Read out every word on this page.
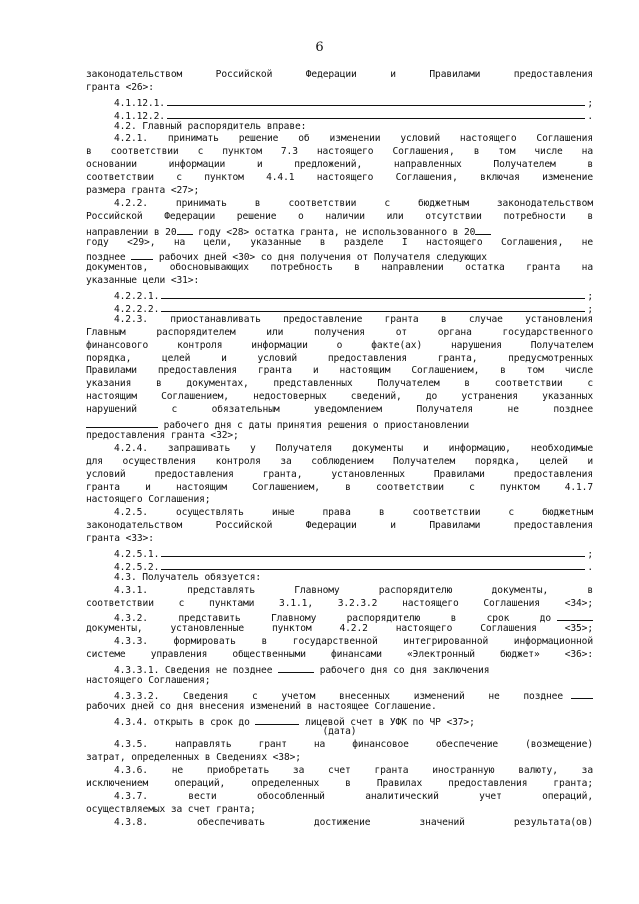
6
законодательством Российской Федерации и Правилами предоставления
гранта <26>:
4.1.12.1.	;
4.1.12.2.	.
4.2. Главный распорядитель вправе:
4.2.1. принимать решение об изменении условий настоящего Соглашения
в соответствии с пунктом 7.3 настоящего Соглашения, в том числе на
основании информации и предложений, направленных Получателем в
соответствии с пунктом 4.4.1 настоящего Соглашения, включая изменение
размера гранта <27>;
4.2.2. принимать в соответствии с бюджетным законодательством
Российской Федерации решение о наличии или отсутствии потребности в
направлении в 20 году <28> остатка гранта, не использованного в 20
году <29>, на цели, указанные в разделе I настоящего Соглашения, не
позднее	рабочих дней <30> со дня получения от Получателя следующих
документов, обосновывающих потребность в направлении остатка гранта на
указанные цели <31>:
4.2.2.1.	;
4.2.2.2.	;
4.2.3. приостанавливать предоставление гранта в случае установления
Главным распорядителем или получения от органа государственного
финансового контроля информации о факте(ах) нарушения Получателем
порядка, целей и условий предоставления гранта, предусмотренных
Правилами предоставления гранта и настоящим Соглашением, в том числе
указания в документах, представленных Получателем в соответствии с
настоящим Соглашением, недостоверных сведений, до устранения указанных
нарушений с обязательным уведомлением Получателя не позднее
рабочего дня с даты принятия решения о приостановлении
предоставления гранта <32>;
4.2.4. запрашивать у Получателя документы и информацию, необходимые
для осуществления контроля за соблюдением Получателем порядка, целей и
условий предоставления гранта, установленных Правилами предоставления
гранта и настоящим Соглашением, в соответствии с пунктом 4.1.7
настоящего Соглашения;
4.2.5. осуществлять иные права в соответствии с бюджетным
законодательством Российской Федерации и Правилами предоставления
гранта <33>:
4.2.5.1.	;
4.2.5.2.	.
4.3. Получатель обязуется:
4.3.1. представлять Главному распорядителю документы, в
соответствии с пунктами 3.1.1, 3.2.3.2 настоящего Соглашения <34>;
4.3.2. представить Главному распорядителю в срок до
документы, установленные пунктом 4.2.2 настоящего Соглашения <35>;
4.3.3. формировать в государственной интегрированной информационной
системе управления общественными финансами «Электронный бюджет» <36>:
4.3.3.1. Сведения не позднее	рабочего дня со дня заключения
настоящего Соглашения;
4.3.3.2. Сведения с учетом внесенных изменений не позднее
рабочих дней со дня внесения изменений в настоящее Соглашение.
4.3.4. открыть в срок до	лицевой счет в УФК по ЧР <37>;
(дата)
4.3.5. направлять грант на финансовое обеспечение (возмещение)
затрат, определенных в Сведениях <38>;
4.3.6. не приобретать за счет гранта иностранную валюту, за
исключением операций, определенных в Правилах предоставления гранта;
4.3.7. вести обособленный аналитический учет операций,
осуществляемых за счет гранта;
4.3.8. обеспечивать достижение значений результата(ов)
